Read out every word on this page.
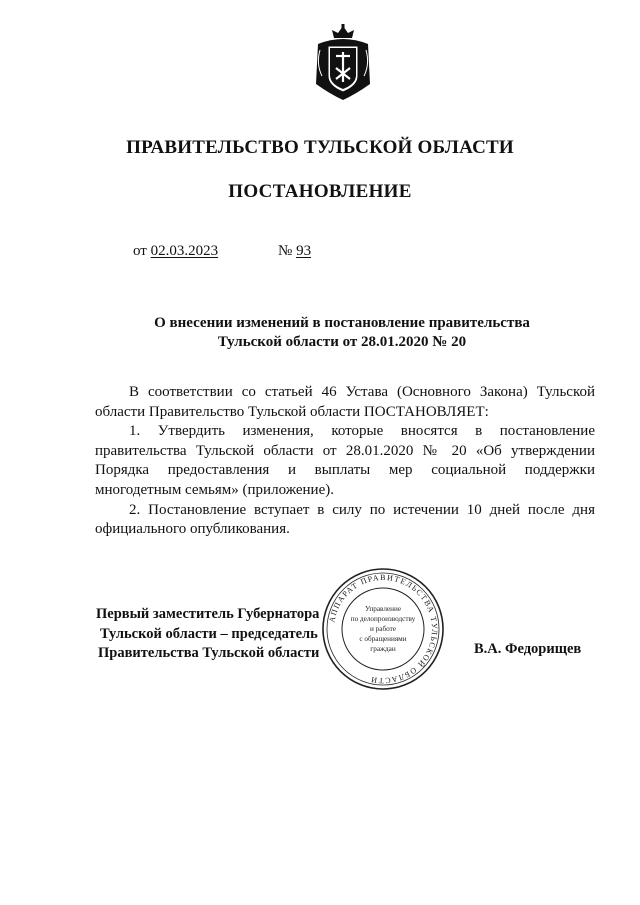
ПРАВИТЕЛЬСТВО ТУЛЬСКОЙ ОБЛАСТИ
ПОСТАНОВЛЕНИЕ
от 02.03.2023	№ 93
О внесении изменений в постановление правительства
Тульской области от 28.01.2020 № 20

В соответствии со статьей 46 Устава (Основного Закона) Тульской области Правительство Тульской области ПОСТАНОВЛЯЕТ:

1. Утвердить изменения, которые вносятся в постановление правительства Тульской области от 28.01.2020 № 20 «Об утверждении Порядка предоставления и выплаты мер социальной поддержки многодетным семьям» (приложение).

2. Постановление вступает в силу по истечении 10 дней после дня официального опубликования.

Первый заместитель Губернатора
Тульской области – председатель
Правительства Тульской области	В.А. Федорищев
АППАРАТ ПРАВИТЕЛЬСТВА ТУЛЬСКОЙ ОБЛАСТИ
Управление
по делопроизводству
и работе
с обращениями
граждан
